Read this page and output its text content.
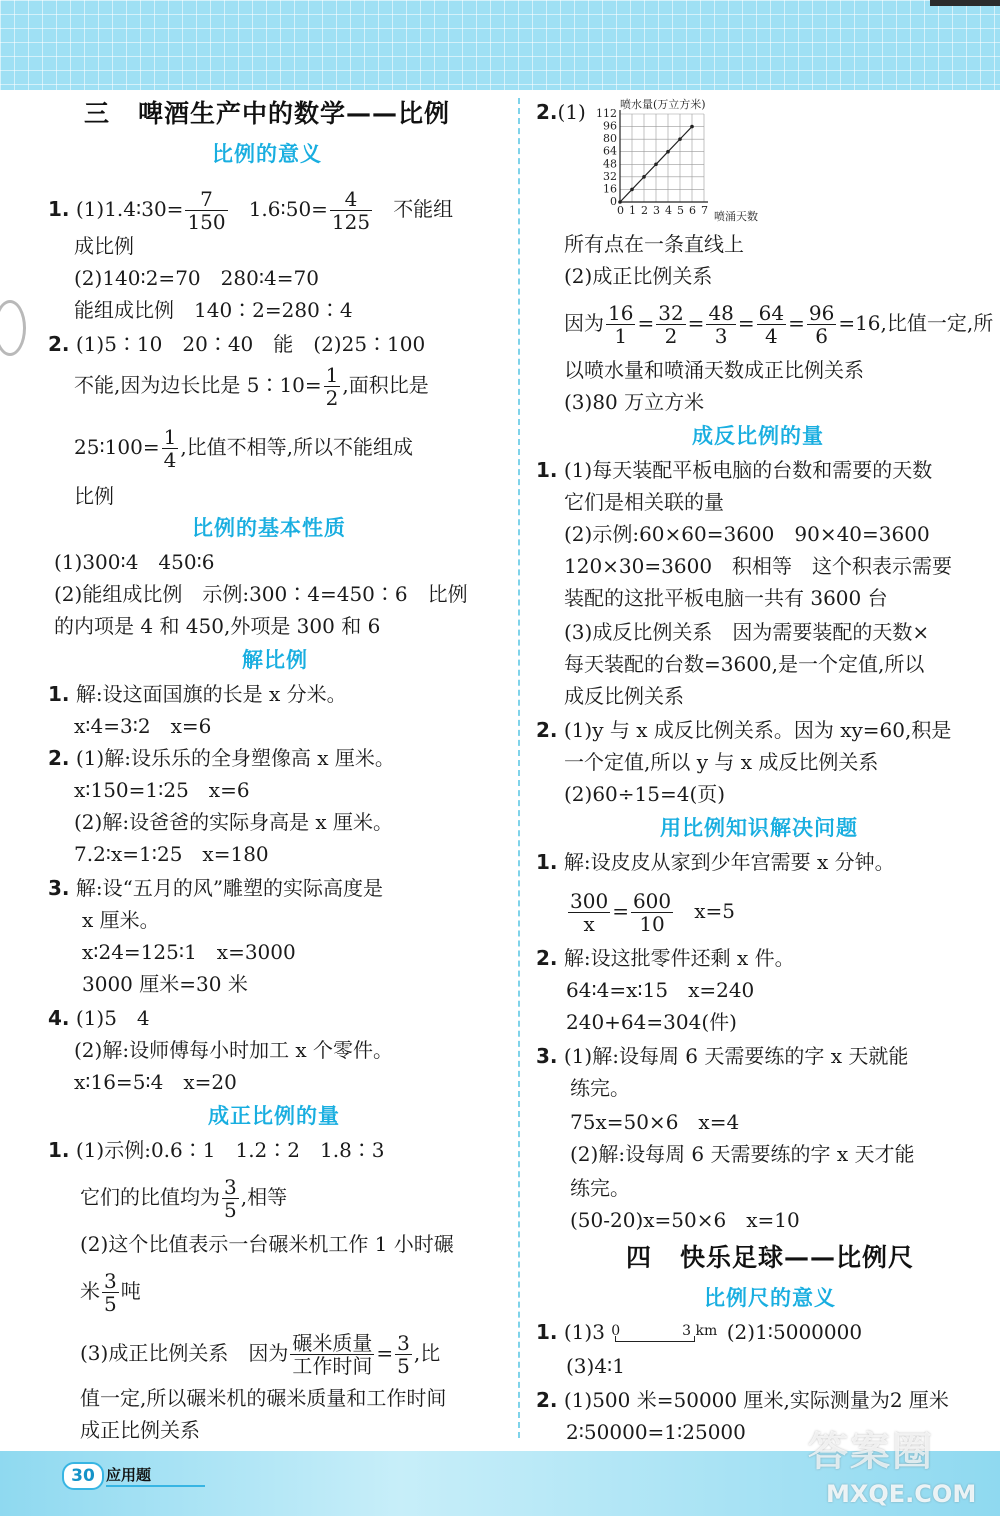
三 啤酒生产中的数学——比例
比例的意义
1. (1)1.4∶30= $\frac{7}{150}$ 1.6∶50= $\frac{4}{125}$ 不能组
成比例
(2)140∶2=70　280∶4=70
能组成比例　140∶2=280∶4
2. (1)5∶10　20∶40　能　(2)25∶100
不能,因为边长比是 5∶10= $\frac{1}{2}$ ,面积比是
25∶100= $\frac{1}{4}$ ,比值不相等,所以不能组成
比例
比例的基本性质
(1)300∶4　450∶6
(2)能组成比例　示例:300∶4=450∶6　比例
的内项是 4 和 450,外项是 300 和 6
解比例
1. 解:设这面国旗的长是 x 分米。
x∶4=3∶2　x=6
2. (1)解:设乐乐的全身塑像高 x 厘米。
x∶150=1∶25　x=6
(2)解:设爸爸的实际身高是 x 厘米。
7.2∶x=1∶25　x=180
3. 解:设“五月的风”雕塑的实际高度是
x 厘米。
x∶24=125∶1　x=3000
3000 厘米=30 米
4. (1)5　4
(2)解:设师傅每小时加工 x 个零件。
x∶16=5∶4　x=20
成正比例的量
1. (1)示例:0.6∶1　1.2∶2　1.8∶3
它们的比值均为 $\frac{3}{5}$ ,相等
(2)这个比值表示一台碾米机工作 1 小时碾
米 $\frac{3}{5}$ 吨
(3)成正比例关系　因为 $\frac{\text{碾米质量}}{\text{工作时间}} = \frac{3}{5}$ ,比
值一定,所以碾米机的碾米质量和工作时间
成正比例关系
2.(1)	喷水量(万立方米)
0 1 2 3 4 5 6 7
0
16
32
48
64
80
96
112
喷涌天数
所有点在一条直线上
(2)成正比例关系
因为 $\frac{16}{1} = \frac{32}{2} = \frac{48}{3} = \frac{64}{4} = \frac{96}{6} =16$,比值一定,所
以喷水量和喷涌天数成正比例关系
(3)80 万立方米
成反比例的量
1. (1)每天装配平板电脑的台数和需要的天数
它们是相关联的量
(2)示例:60×60=3600　90×40=3600
120×30=3600　积相等　这个积表示需要
装配的这批平板电脑一共有 3600 台
(3)成反比例关系　因为需要装配的天数×
每天装配的台数=3600,是一个定值,所以
成反比例关系
2. (1)y 与 x 成反比例关系。因为 xy=60,积是
一个定值,所以 y 与 x 成反比例关系
(2)60÷15=4(页)
用比例知识解决问题
1. 解:设皮皮从家到少年宫需要 x 分钟。
$\frac{300}{x} = \frac{600}{10} x=5$
2. 解:设这批零件还剩 x 件。
64∶4=x∶15　x=240
240+64=304(件)
3. (1)解:设每周 6 天需要练的字 x 天就能
练完。
75x=50×6　x=4
(2)解:设每周 6 天需要练的字 x 天才能
练完。
(50-20)x=50×6　x=10
四 快乐足球——比例尺
比例尺的意义
1. (1)3 0	3 km (2)1∶5000000
(3)4∶1
2. (1)500 米=50000 厘米,实际测量为2 厘米
2∶50000=1∶25000
30 应用题	答案圈
MXQE.COM
